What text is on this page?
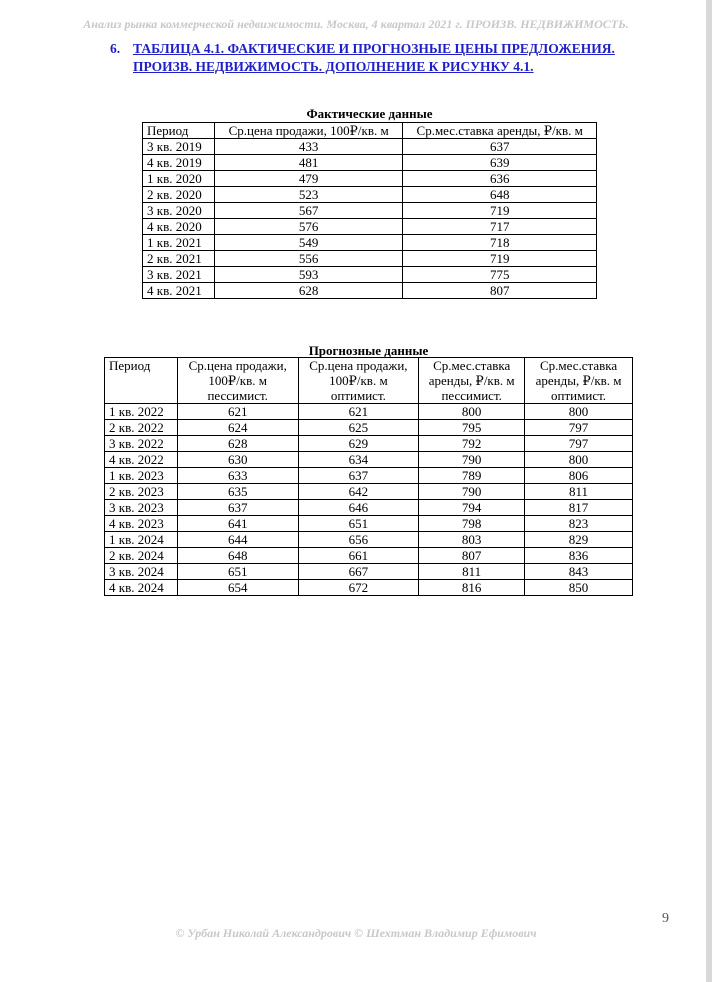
Анализ рынка коммерческой недвижимости. Москва, 4 квартал 2021 г. ПРОИЗВ. НЕДВИЖИМОСТЬ.
6. ТАБЛИЦА 4.1. ФАКТИЧЕСКИЕ И ПРОГНОЗНЫЕ ЦЕНЫ ПРЕДЛОЖЕНИЯ. ПРОИЗВ. НЕДВИЖИМОСТЬ. ДОПОЛНЕНИЕ К РИСУНКУ 4.1.
Фактические данные
Период	Ср.цена продажи, 100₽/кв. м	Ср.мес.ставка аренды, ₽/кв. м
3 кв. 2019	433	637
4 кв. 2019	481	639
1 кв. 2020	479	636
2 кв. 2020	523	648
3 кв. 2020	567	719
4 кв. 2020	576	717
1 кв. 2021	549	718
2 кв. 2021	556	719
3 кв. 2021	593	775
4 кв. 2021	628	807
Прогнозные данные
Период	Ср.цена продажи, 100₽/кв. м пессимист.	Ср.цена продажи, 100₽/кв. м оптимист.	Ср.мес.ставка аренды, ₽/кв. м пессимист.	Ср.мес.ставка аренды, ₽/кв. м оптимист.
1 кв. 2022	621	621	800	800
2 кв. 2022	624	625	795	797
3 кв. 2022	628	629	792	797
4 кв. 2022	630	634	790	800
1 кв. 2023	633	637	789	806
2 кв. 2023	635	642	790	811
3 кв. 2023	637	646	794	817
4 кв. 2023	641	651	798	823
1 кв. 2024	644	656	803	829
2 кв. 2024	648	661	807	836
3 кв. 2024	651	667	811	843
4 кв. 2024	654	672	816	850
9
© Урбан Николай Александрович © Шехтман Владимир Ефимович
